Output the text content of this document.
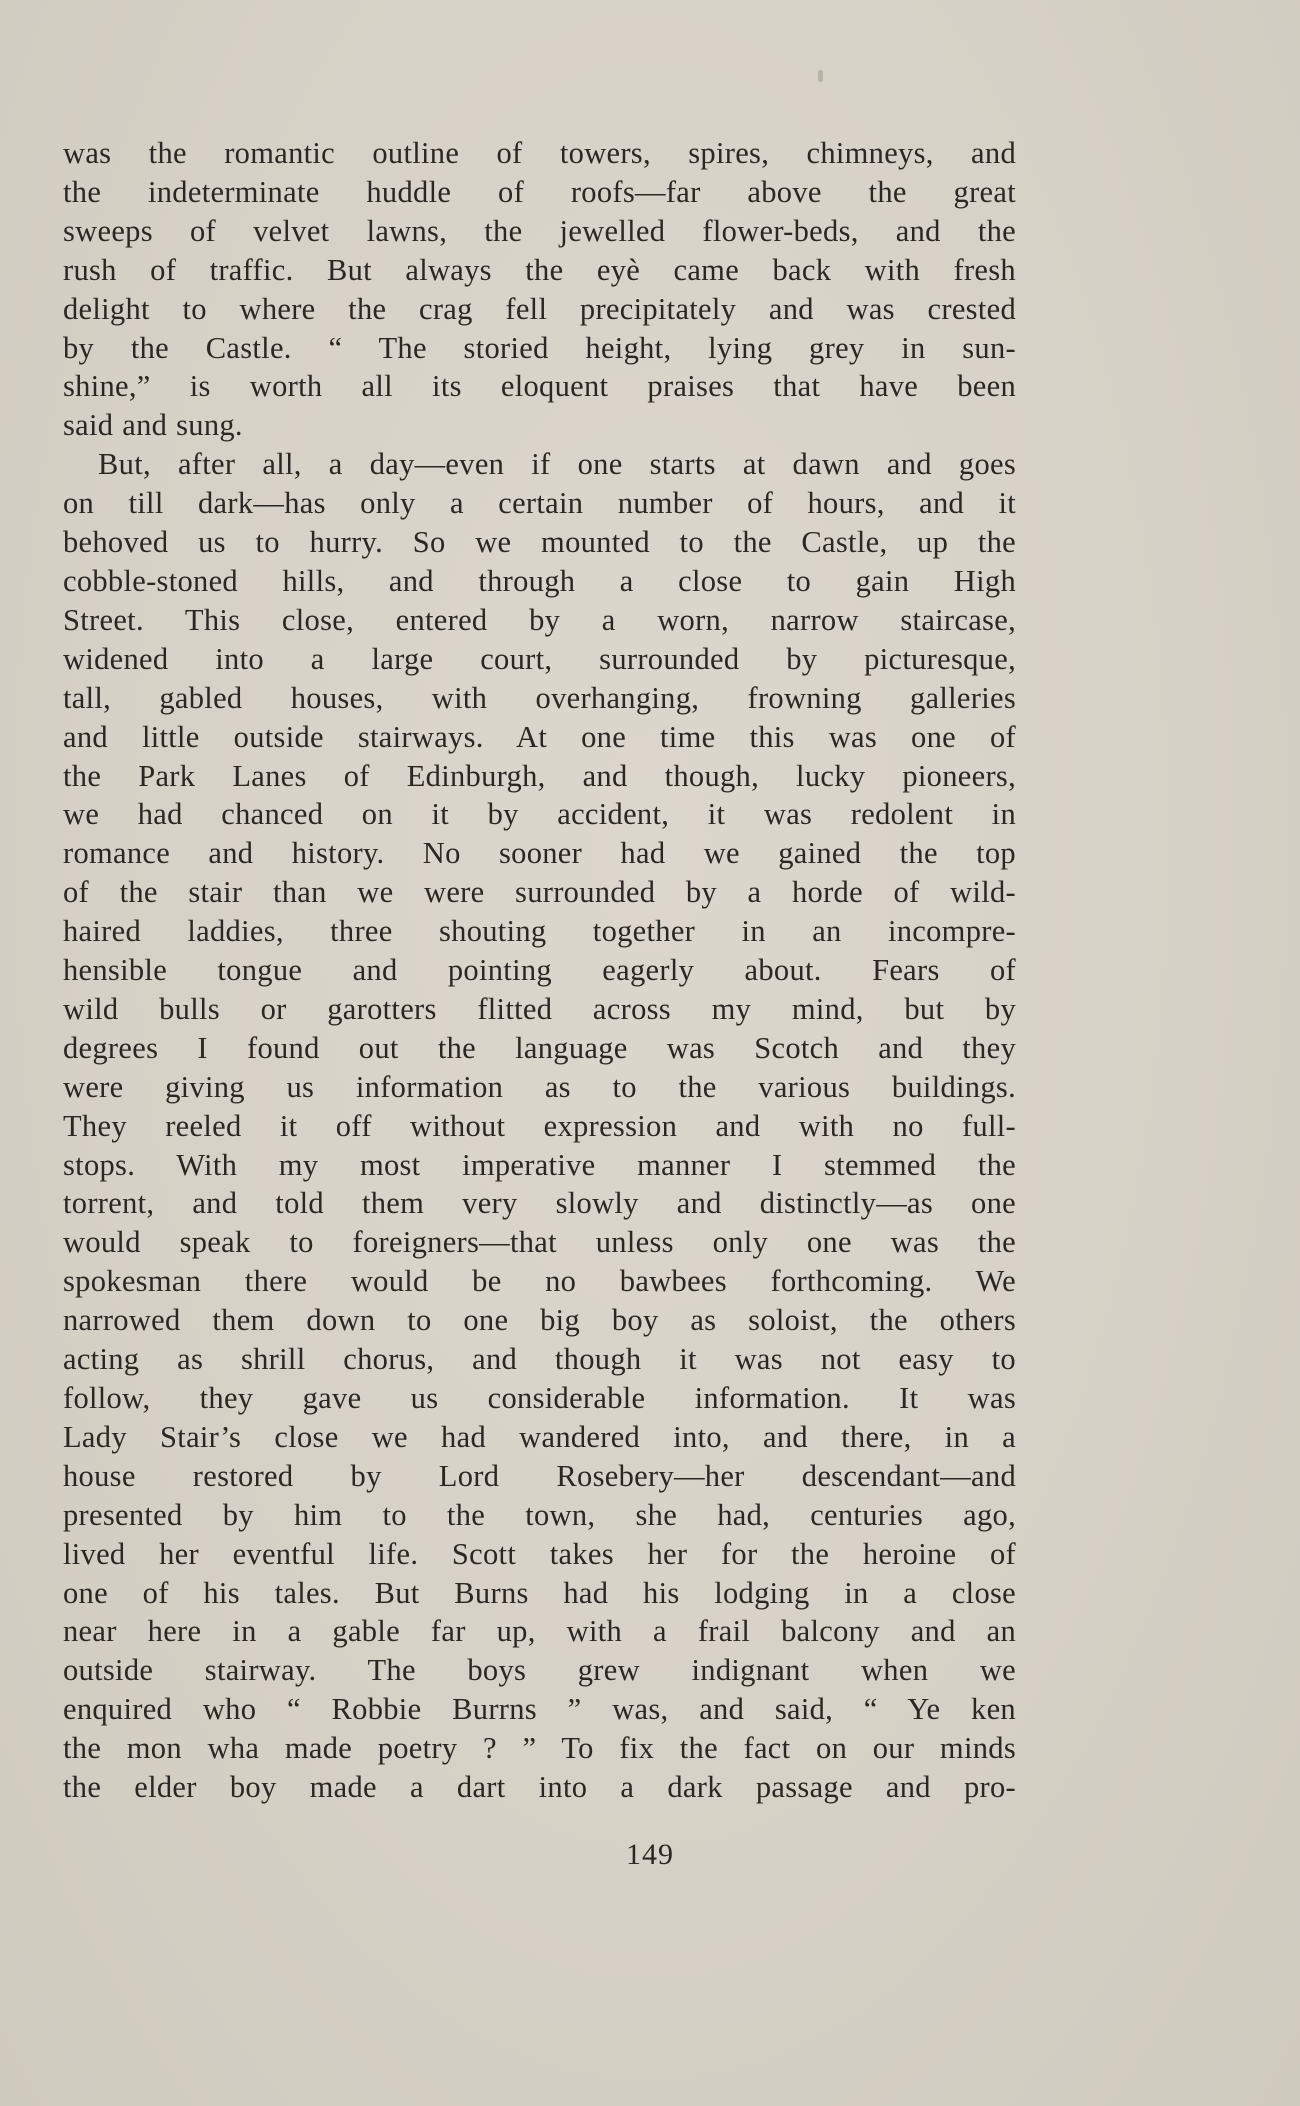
was the romantic outline of towers, spires, chimneys, and

the indeterminate huddle of roofs—far above the great

sweeps of velvet lawns, the jewelled flower-beds, and the

rush of traffic. But always the eyè came back with fresh

delight to where the crag fell precipitately and was crested

by the Castle. “ The storied height, lying grey in sun-

shine,” is worth all its eloquent praises that have been

said and sung.

But, after all, a day—even if one starts at dawn and goes

on till dark—has only a certain number of hours, and it

behoved us to hurry. So we mounted to the Castle, up the

cobble-stoned hills, and through a close to gain High

Street. This close, entered by a worn, narrow staircase,

widened into a large court, surrounded by picturesque,

tall, gabled houses, with overhanging, frowning galleries

and little outside stairways. At one time this was one of

the Park Lanes of Edinburgh, and though, lucky pioneers,

we had chanced on it by accident, it was redolent in

romance and history. No sooner had we gained the top

of the stair than we were surrounded by a horde of wild-

haired laddies, three shouting together in an incompre-

hensible tongue and pointing eagerly about. Fears of

wild bulls or garotters flitted across my mind, but by

degrees I found out the language was Scotch and they

were giving us information as to the various buildings.

They reeled it off without expression and with no full-

stops. With my most imperative manner I stemmed the

torrent, and told them very slowly and distinctly—as one

would speak to foreigners—that unless only one was the

spokesman there would be no bawbees forthcoming. We

narrowed them down to one big boy as soloist, the others

acting as shrill chorus, and though it was not easy to

follow, they gave us considerable information. It was

Lady Stair’s close we had wandered into, and there, in a

house restored by Lord Rosebery—her descendant—and

presented by him to the town, she had, centuries ago,

lived her eventful life. Scott takes her for the heroine of

one of his tales. But Burns had his lodging in a close

near here in a gable far up, with a frail balcony and an

outside stairway. The boys grew indignant when we

enquired who “ Robbie Burrns ” was, and said, “ Ye ken

the mon wha made poetry ? ” To fix the fact on our minds

the elder boy made a dart into a dark passage and pro-

149
